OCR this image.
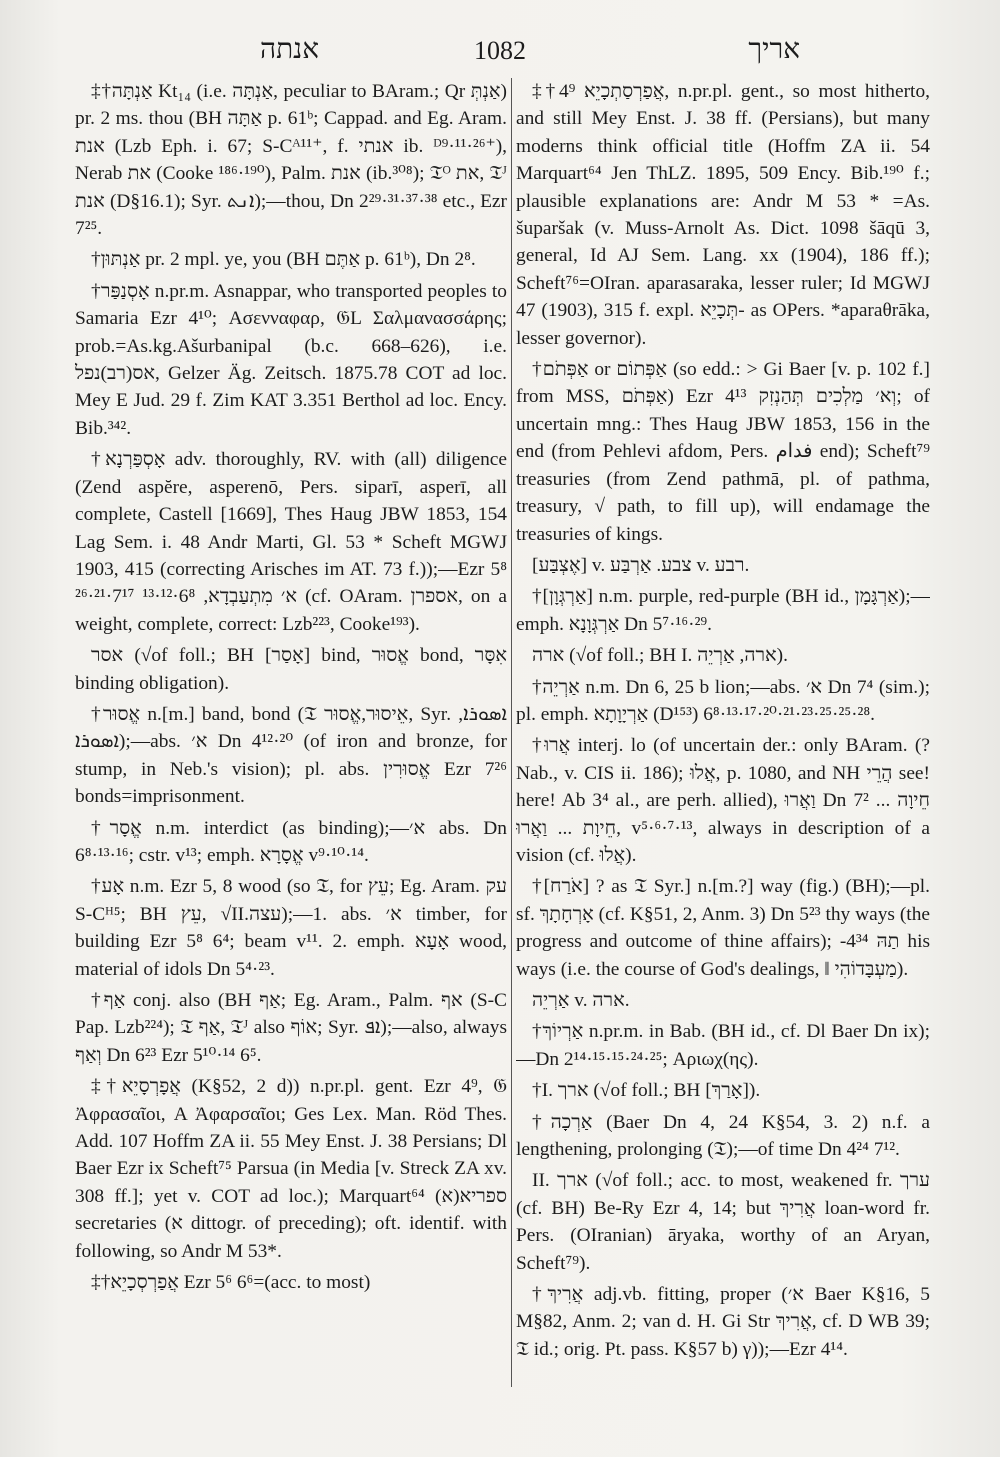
אנתה	1082	אריך

‡†אַנְתָּה Kt₁₄ (i.e. אַנְתָּה, peculiar to BAram.; Qr אַנְתְּ) pr. 2 ms. thou (BH אַתָּה p. 61ᵇ; Cappad. and Eg. Aram. אנת (Lzb Eph. i. 67; S-Cᴬ¹¹⁺, f. אנתי ib. ᴰ⁹·¹¹·²⁶⁺), Nerab את (Cooke ¹⁸⁶·¹⁹⁰), Palm. אנת (ib.³⁰⁸); 𝔗ᴼ את, 𝔗ᴶ אנת (D§16.1); Syr. ܐܢܬ);—thou, Dn 2²⁹·³¹·³⁷·³⁸ etc., Ezr 7²⁵.

†אַנְתּוּן pr. 2 mpl. ye, you (BH אַתֶּם p. 61ᵇ), Dn 2⁸.

†אָסְנַפַּר n.pr.m. Asnappar, who transported peoples to Samaria Ezr 4¹⁰; Ασενναφαρ, 𝔊L Σαλμανασσάρης; prob.=As.kg.Ašurbanipal (b.c. 668–626), i.e. אס(רב)נפל, Gelzer Äg. Zeitsch. 1875.78 COT ad loc. Mey E Jud. 29 f. Zim KAT 3.351 Berthol ad loc. Ency. Bib.³⁴².

†אָסְפַּרְנָא adv. thoroughly, RV. with (all) diligence (Zend aspĕre, asperenō, Pers. siparī, asperī, all complete, Castell [1669], Thes Haug JBW 1853, 154 Lag Sem. i. 48 Andr Marti, Gl. 53 * Scheft MGWJ 1903, 415 (correcting Arisches im AT. 73 f.));—Ezr 5⁸ א׳ מִתְעַבְדָא, 6⁸·¹²·¹³ 7¹⁷·²¹·²⁶ (cf. OAram. אספרן, on a weight, complete, correct: Lzb²²³, Cooke¹⁹³).

אסר (√of foll.; BH [אָסַר] bind, אֱסוּר bond, אִסָּר binding obligation).

†אֱסוּר n.[m.] band, bond (𝔗 אֵיסוּר,אֱסוּר, Syr. ܐܣܘܪܐ, ܐܣܘܪܐ);—abs. א׳ Dn 4¹²·²⁰ (of iron and bronze, for stump, in Neb.'s vision); pl. abs. אֱסוּרִין Ezr 7²⁶ bonds=imprisonment.

†אֱסָר n.m. interdict (as binding);—א׳ abs. Dn 6⁸·¹³·¹⁶; cstr. v¹³; emph. אֱסָרָא v⁹·¹⁰·¹⁴.

†אָע n.m. Ezr 5, 8 wood (so 𝔗, for עֵץ; Eg. Aram. עק S-Cᴴ⁵; BH עֵץ, √II.עצה);—1. abs. א׳ timber, for building Ezr 5⁸ 6⁴; beam v¹¹. 2. emph. אָעָא wood, material of idols Dn 5⁴·²³.

†אַף conj. also (BH אַף; Eg. Aram., Palm. אף (S-C Pap. Lzb²²⁴); 𝔗 אַף, 𝔗ᴶ also אוֹף; Syr. ܐܦ);—also, always וְאַף Dn 6²³ Ezr 5¹⁰·¹⁴ 6⁵.

‡†אֲפָרְסָיֵא (K§52, 2 d)) n.pr.pl. gent. Ezr 4⁹, 𝔊 Ἀφρασαῖοι, A Ἀφαρσαῖοι; Ges Lex. Man. Röd Thes. Add. 107 Hoffm ZA ii. 55 Mey Enst. J. 38 Persians; Dl Baer Ezr ix Scheft⁷⁵ Parsua (in Media [v. Streck ZA xv. 308 ff.]; yet v. COT ad loc.); Marquart⁶⁴ (א)ספריא secretaries (א dittogr. of preceding); oft. identif. with following, so Andr M 53*.

‡†אֲפַרְסְכָיֵא Ezr 5⁶ 6⁶=(acc. to most)

‡†אֲפַרְסַתְכָיֵא 4⁹, n.pr.pl. gent., so most hitherto, and still Mey Enst. J. 38 ff. (Persians), but many moderns think official title (Hoffm ZA ii. 54 Marquart⁶⁴ Jen ThLZ. 1895, 509 Ency. Bib.¹⁹⁰ f.; plausible explanations are: Andr M 53 * =As. šuparšak (v. Muss-Arnolt As. Dict. 1098 šāqū 3, general, Id AJ Sem. Lang. xx (1904), 186 ff.); Scheft⁷⁶=OIran. aparasaraka, lesser ruler; Id MGWJ 47 (1903), 315 f. expl. תְּכָיֵא- as OPers. *aparaθrāka, lesser governor).

†אַפְּתֹם or אַפְּתוֹם (so edd.: > Gi Baer [v. p. 102 f.] from MSS, אַפְּתֹם) Ezr 4¹³ וְא׳ מַלְכִים תְּהַנְזִק; of uncertain mng.: Thes Haug JBW 1853, 156 in the end (from Pehlevi afdom, Pers. فدام end); Scheft⁷⁹ treasuries (from Zend pathmā, pl. of pathma, treasury, √ path, to fill up), will endamage the treasuries of kings.

[אֶצְבַּע] v. צבע. אַרְבַּע v. רבע.

†[אַרְגְּוָן] n.m. purple, red-purple (BH id., אַרְגָּמָן);—emph. אַרְגְּוָנָא Dn 5⁷·¹⁶·²⁹.

ארה (√of foll.; BH I. ארה, אַרְיֵה).

†אַרְיֵה n.m. Dn 6, 25 b lion;—abs. א׳ Dn 7⁴ (sim.); pl. emph. אַרְיָוָתָא (D¹⁵³) 6⁸·¹³·¹⁷·²⁰·²¹·²³·²⁵·²⁵·²⁸.

†אֲרוּ interj. lo (of uncertain der.: only BAram. (? Nab., v. CIS ii. 186); אֲלוּ, p. 1080, and NH הֲרֵי see! here! Ab 3⁴ al., are perh. allied), וַאֲרוּ Dn 7² ... חֵיוָה חֵיוָת ... וַאֲרוּ, v⁵·⁶·⁷·¹³, always in description of a vision (cf. אֲלוּ).

†[אֹרַח] ? as 𝔗 Syr.] n.[m.?] way (fig.) (BH);—pl. sf. אָרְחָתָךְ (cf. K§51, 2, Anm. 3) Dn 5²³ thy ways (the progress and outcome of thine affairs); -תַהּ 4³⁴ his ways (i.e. the course of God's dealings, ‖ מַעְבָּדוֹהִי).

אַרְיֵה v. ארה.

†אַרְיוֹךְ n.pr.m. in Bab. (BH id., cf. Dl Baer Dn ix);—Dn 2¹⁴·¹⁵·¹⁵·²⁴·²⁵; Αριωχ(ης).

†I. ארך (√of foll.; BH [אָרַךְ]).

†אַרְכָה (Baer Dn 4, 24 K§54, 3. 2) n.f. a lengthening, prolonging (𝔗);—of time Dn 4²⁴ 7¹².

II. ארך (√of foll.; acc. to most, weakened fr. ערך (cf. BH) Be-Ry Ezr 4, 14; but אֲרִיךְ loan-word fr. Pers. (OIranian) āryaka, worthy of an Aryan, Scheft⁷⁹).

†אֲרִיךְ adj.vb. fitting, proper (א׳ Baer K§16, 5 M§82, Anm. 2; van d. H. Gi Str אֲרִיךְ, cf. D WB 39; 𝔗 id.; orig. Pt. pass. K§57 b) γ));—Ezr 4¹⁴.
